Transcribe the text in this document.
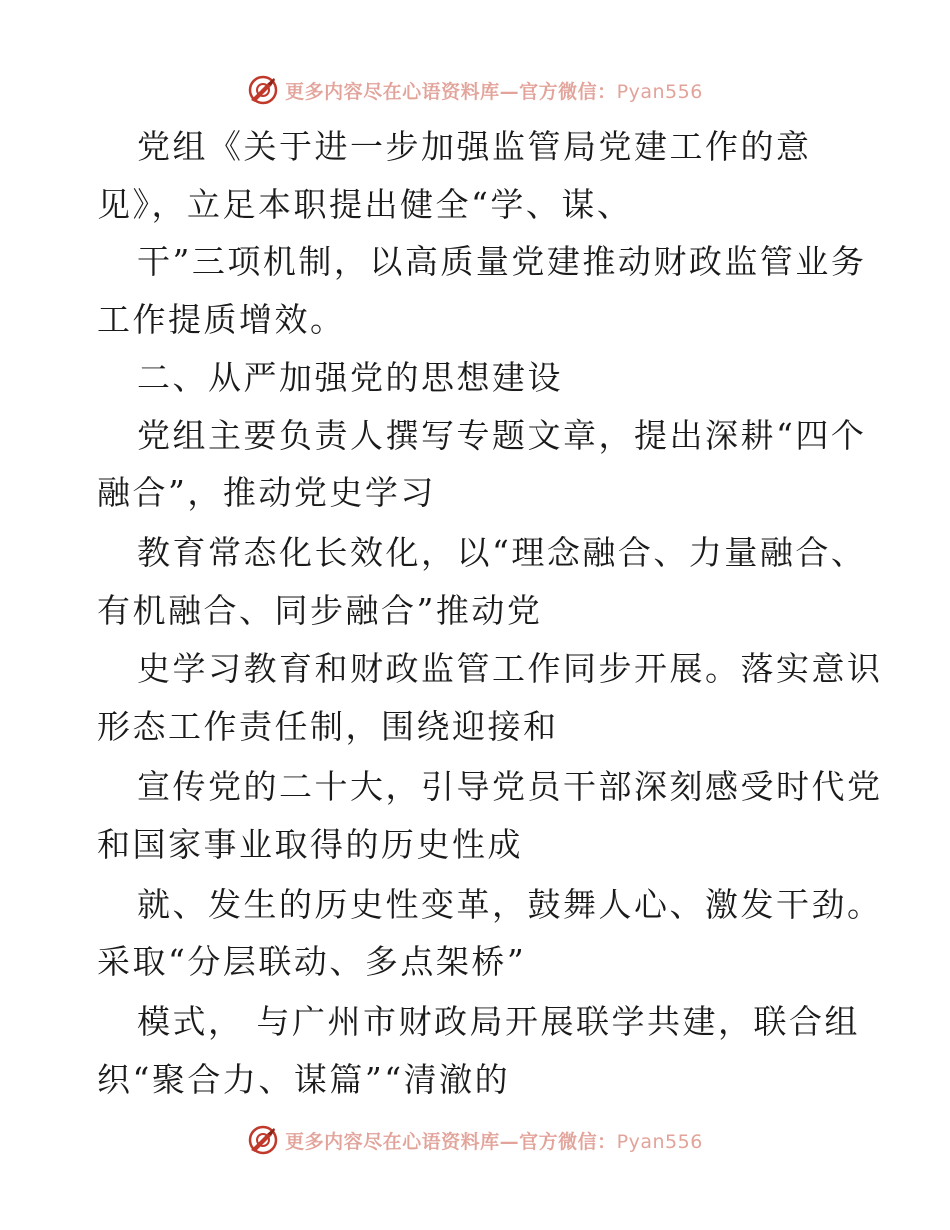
更多内容尽在心语资料库—官方微信：Pyan556
党组《关于进一步加强监管局党建工作的意
见》，立足本职提出健全“学、谋、
干”三项机制，以高质量党建推动财政监管业务
工作提质增效。
二、从严加强党的思想建设
党组主要负责人撰写专题文章，提出深耕“四个
融合”，推动党史学习
教育常态化长效化，以“理念融合、力量融合、
有机融合、同步融合”推动党
史学习教育和财政监管工作同步开展。落实意识
形态工作责任制，围绕迎接和
宣传党的二十大，引导党员干部深刻感受时代党
和国家事业取得的历史性成
就、发生的历史性变革，鼓舞人心、激发干劲。
采取“分层联动、多点架桥”
模式， 与广州市财政局开展联学共建，联合组
织“聚合力、谋篇”“清澈的
更多内容尽在心语资料库—官方微信：Pyan556
